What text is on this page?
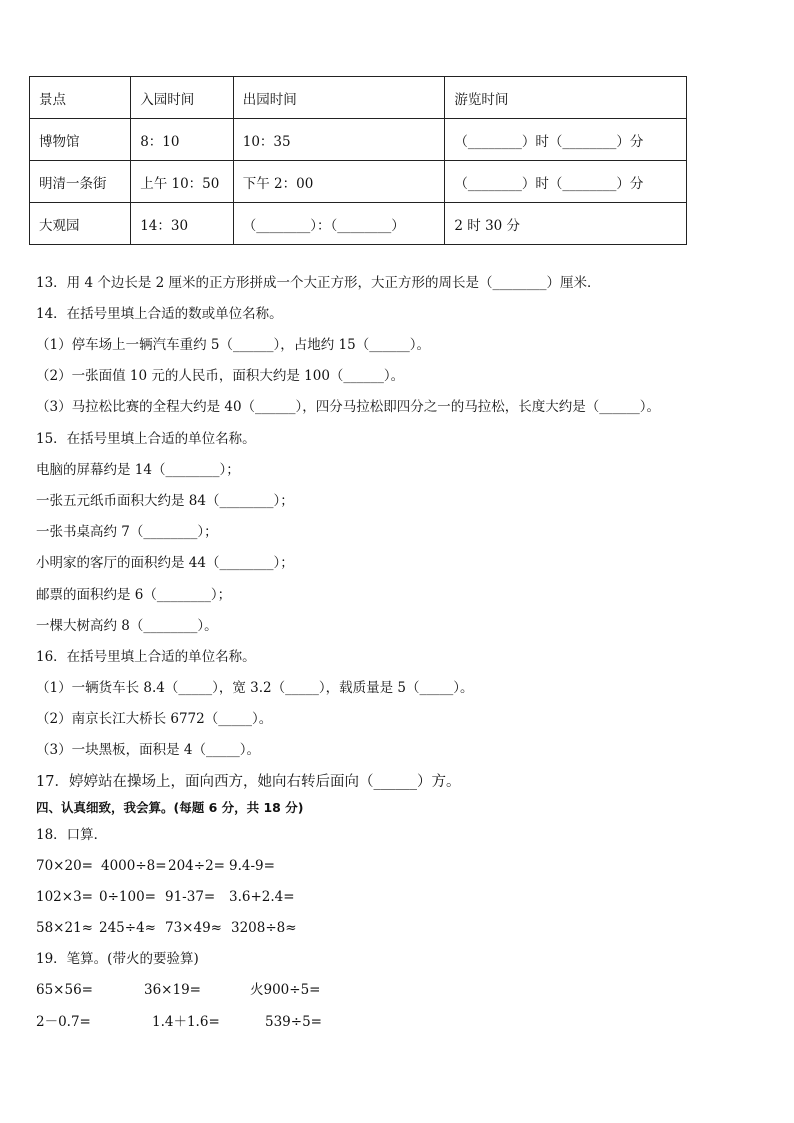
景点	入园时间	出园时间	游览时间
博物馆	8：10	10：35	（________）时（________）分
明清一条街	上午 10：50	下午 2：00	（________）时（________）分
大观园	14：30	（________）：（________）	2 时 30 分
13．用 4 个边长是 2 厘米的正方形拼成一个大正方形，大正方形的周长是（________）厘米．
14．在括号里填上合适的数或单位名称。
（1）停车场上一辆汽车重约 5（______），占地约 15（______）。
（2）一张面值 10 元的人民币，面积大约是 100（______）。
（3）马拉松比赛的全程大约是 40（______），四分马拉松即四分之一的马拉松，长度大约是（______）。
15．在括号里填上合适的单位名称。
电脑的屏幕约是 14（________）；
一张五元纸币面积大约是 84（________）；
一张书桌高约 7（________）；
小明家的客厅的面积约是 44（________）；
邮票的面积约是 6（________）；
一棵大树高约 8（________）。
16．在括号里填上合适的单位名称。
（1）一辆货车长 8.4（_____），宽 3.2（_____），载质量是 5（_____）。
（2）南京长江大桥长 6772（_____）。
（3）一块黑板，面积是 4（_____）。
17．婷婷站在操场上，面向西方，她向右转后面向（______）方。
四、认真细致，我会算。(每题 6 分，共 18 分)
18．口算．
70×20= 4000÷8=204÷2= 9.4-9=
102×3= 0÷100= 91-37= 3.6+2.4=
58×21≈ 245÷4≈ 73×49≈ 3208÷8≈
19．笔算。(带火的要验算)
65×56=	36×19=	火900÷5=
2－0.7=	1.4＋1.6=	539÷5=
